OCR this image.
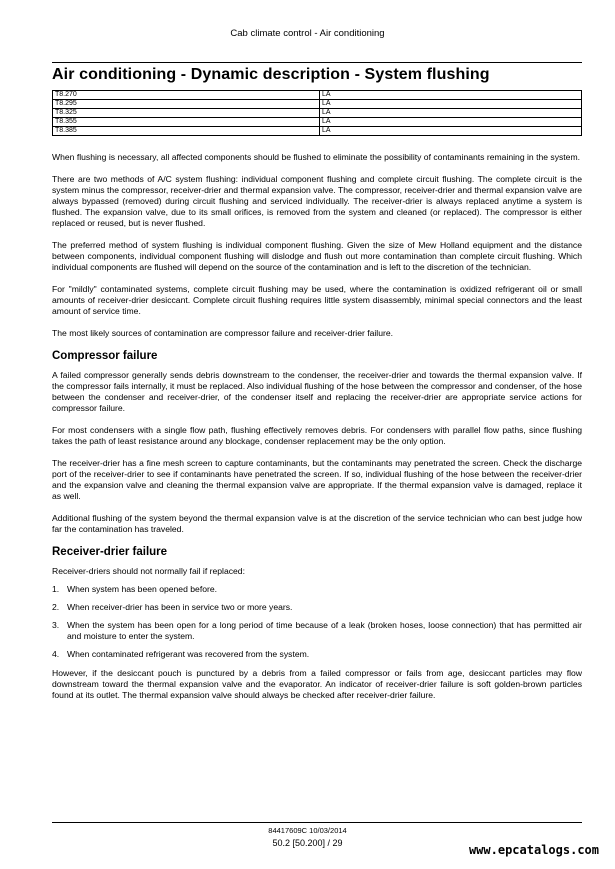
Cab climate control - Air conditioning
Air conditioning - Dynamic description - System flushing
T8.270	LA
T8.295	LA
T8.325	LA
T8.355	LA
T8.385	LA

When flushing is necessary, all affected components should be flushed to eliminate the possibility of contaminants remaining in the system.

There are two methods of A/C system flushing: individual component flushing and complete circuit flushing. The complete circuit is the system minus the compressor, receiver-drier and thermal expansion valve. The compressor, receiver-drier and thermal expansion valve are always bypassed (removed) during circuit flushing and serviced individually. The receiver-drier is always replaced anytime a system is flushed. The expansion valve, due to its small orifices, is removed from the system and cleaned (or replaced). The compressor is either replaced or reused, but is never flushed.

The preferred method of system flushing is individual component flushing. Given the size of Mew Holland equipment and the distance between components, individual component flushing will dislodge and flush out more contamination than complete circuit flushing. Which individual components are flushed will depend on the source of the contamination and is left to the discretion of the technician.

For "mildly" contaminated systems, complete circuit flushing may be used, where the contamination is oxidized refrigerant oil or small amounts of receiver-drier desiccant. Complete circuit flushing requires little system disassembly, minimal special connectors and the least amount of service time.

The most likely sources of contamination are compressor failure and receiver-drier failure.

Compressor failure

A failed compressor generally sends debris downstream to the condenser, the receiver-drier and towards the thermal expansion valve. If the compressor fails internally, it must be replaced. Also individual flushing of the hose between the compressor and condenser, of the hose between the condenser and receiver-drier, of the condenser itself and replacing the receiver-drier are appropriate service actions for compressor failure.

For most condensers with a single flow path, flushing effectively removes debris. For condensers with parallel flow paths, since flushing takes the path of least resistance around any blockage, condenser replacement may be the only option.

The receiver-drier has a fine mesh screen to capture contaminants, but the contaminants may penetrated the screen. Check the discharge port of the receiver-drier to see if contaminants have penetrated the screen. If so, individual flushing of the hose between the receiver-drier and the expansion valve and cleaning the thermal expansion valve are appropriate. If the thermal expansion valve is damaged, replace it as well.

Additional flushing of the system beyond the thermal expansion valve is at the discretion of the service technician who can best judge how far the contamination has traveled.

Receiver-drier failure

Receiver-driers should not normally fail if replaced:

1. When system has been opened before.
2. When receiver-drier has been in service two or more years.
3. When the system has been open for a long period of time because of a leak (broken hoses, loose connection) that has permitted air and moisture to enter the system.
4. When contaminated refrigerant was recovered from the system.

However, if the desiccant pouch is punctured by a debris from a failed compressor or fails from age, desiccant particles may flow downstream toward the thermal expansion valve and the evaporator. An indicator of receiver-drier failure is soft golden-brown particles found at its outlet. The thermal expansion valve should always be checked after receiver-drier failure.

84417609C 10/03/2014
50.2 [50.200] / 29	www.epcatalogs.com
